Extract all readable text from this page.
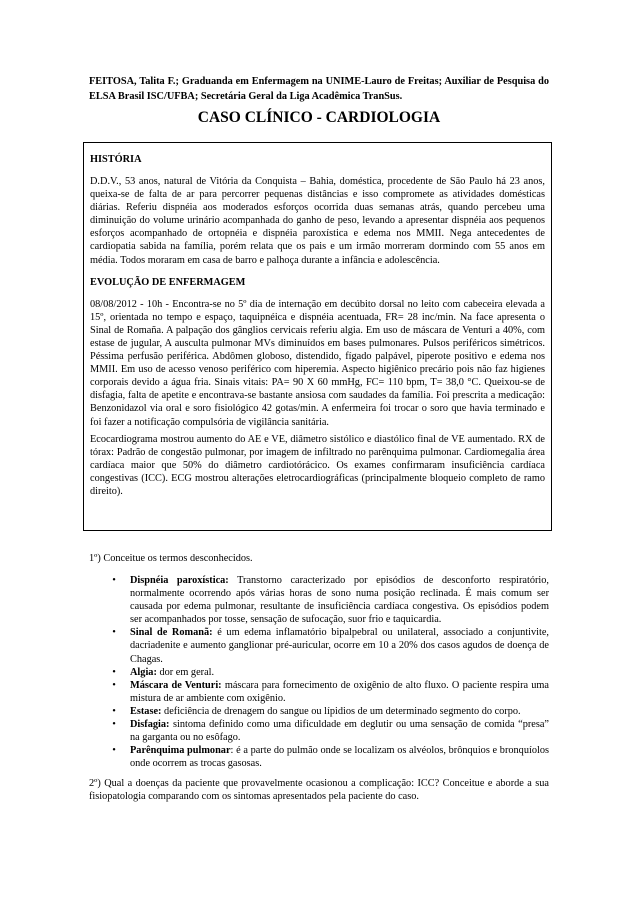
FEITOSA, Talita F.; Graduanda em Enfermagem na UNIME-Lauro de Freitas; Auxiliar de Pesquisa do ELSA Brasil ISC/UFBA; Secretária Geral da Liga Acadêmica TranSus.
CASO CLÍNICO - CARDIOLOGIA
HISTÓRIA

D.D.V., 53 anos, natural de Vitória da Conquista – Bahia, doméstica, procedente de São Paulo há 23 anos, queixa-se de falta de ar para percorrer pequenas distâncias e isso compromete as atividades domésticas diárias. Referiu dispnéia aos moderados esforços ocorrida duas semanas atrás, quando percebeu uma diminuição do volume urinário acompanhada do ganho de peso, levando a apresentar dispnéia aos pequenos esforços acompanhado de ortopnéia e dispnéia paroxística e edema nos MMII. Nega antecedentes de cardiopatia sabida na família, porém relata que os pais e um irmão morreram dormindo com 55 anos em média. Todos moraram em casa de barro e palhoça durante a infância e adolescência.

EVOLUÇÃO DE ENFERMAGEM

08/08/2012 - 10h - Encontra-se no 5º dia de internação em decúbito dorsal no leito com cabeceira elevada a 15º, orientada no tempo e espaço, taquipnéica e dispnéia acentuada, FR= 28 inc/min. Na face apresenta o Sinal de Romaña. A palpação dos gânglios cervicais referiu algia. Em uso de máscara de Venturi a 40%, com estase de jugular, A ausculta pulmonar MVs diminuídos em bases pulmonares. Pulsos periféricos simétricos. Péssima perfusão periférica. Abdômen globoso, distendido, fígado palpável, piperote positivo e edema nos MMII. Em uso de acesso venoso periférico com hiperemia. Aspecto higiênico precário pois não faz higienes corporais devido a água fria. Sinais vitais: PA= 90 X 60 mmHg, FC= 110 bpm, T= 38,0 °C. Queixou-se de disfagia, falta de apetite e encontrava-se bastante ansiosa com saudades da família. Foi prescrita a medicação: Benzonidazol via oral e soro fisiológico 42 gotas/min. A enfermeira foi trocar o soro que havia terminado e foi fazer a notificação compulsória de vigilância sanitária.

Ecocardiograma mostrou aumento do AE e VE, diâmetro sistólico e diastólico final de VE aumentado. RX de tórax: Padrão de congestão pulmonar, por imagem de infiltrado no parênquima pulmonar. Cardiomegalia área cardíaca maior que 50% do diâmetro cardiotórácico. Os exames confirmaram insuficiência cardíaca congestivas (ICC). ECG mostrou alterações eletrocardiográficas (principalmente bloqueio completo de ramo direito).

1º) Conceitue os termos desconhecidos.
• Dispnéia paroxística: Transtorno caracterizado por episódios de desconforto respiratório, normalmente ocorrendo após várias horas de sono numa posição reclinada. É mais comum ser causada por edema pulmonar, resultante de insuficiência cardíaca congestiva. Os episódios podem ser acompanhados por tosse, sensação de sufocação, suor frio e taquicardia.
• Sinal de Romanã: é um edema inflamatório bipalpebral ou unilateral, associado a conjuntivite, dacriadenite e aumento ganglionar pré-auricular, ocorre em 10 a 20% dos casos agudos de doença de Chagas.
• Algia: dor em geral.
• Máscara de Venturi: máscara para fornecimento de oxigênio de alto fluxo. O paciente respira uma mistura de ar ambiente com oxigênio.
• Estase: deficiência de drenagem do sangue ou lípidios de um determinado segmento do corpo.
• Disfagia: sintoma definido como uma dificuldade em deglutir ou uma sensação de comida “presa” na garganta ou no esôfago.
• Parênquima pulmonar: é a parte do pulmão onde se localizam os alvéolos, brônquios e bronquíolos onde ocorrem as trocas gasosas.
2º) Qual a doenças da paciente que provavelmente ocasionou a complicação: ICC? Conceitue e aborde a sua fisiopatologia comparando com os sintomas apresentados pela paciente do caso.
